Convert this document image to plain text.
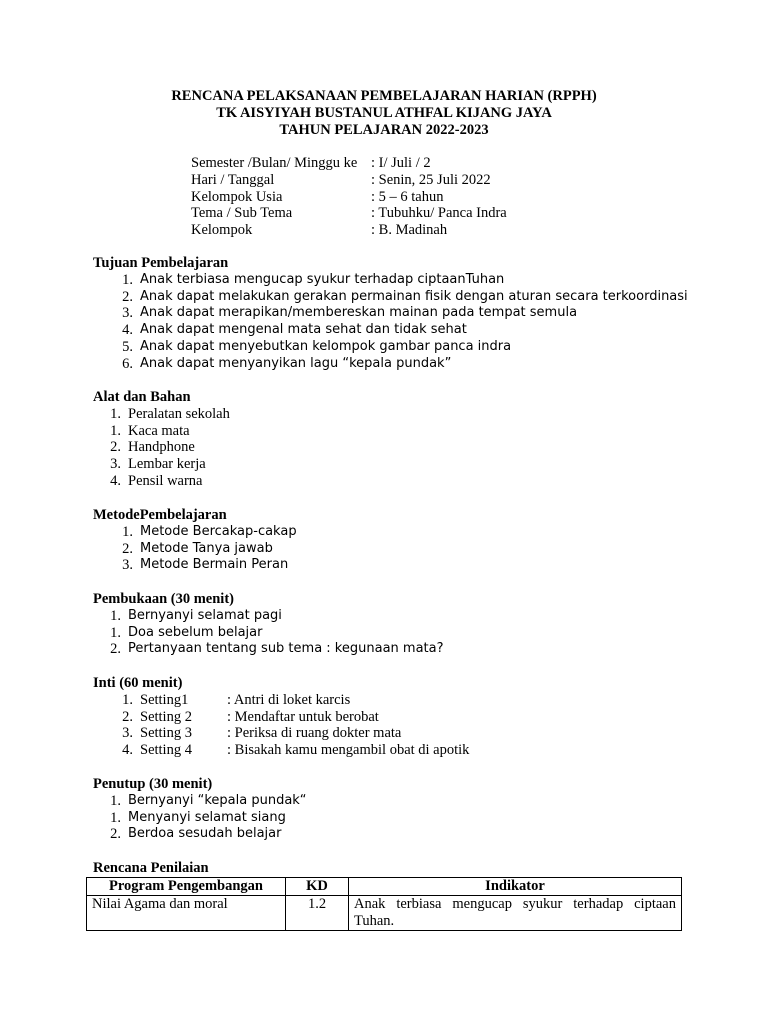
RENCANA PELAKSANAAN PEMBELAJARAN HARIAN (RPPH)
TK AISYIYAH BUSTANUL ATHFAL KIJANG JAYA
TAHUN PELAJARAN 2022-2023
Semester /Bulan/ Minggu ke : I/ Juli / 2
Hari / Tanggal	: Senin, 25 Juli 2022
Kelompok Usia	: 5 – 6 tahun
Tema / Sub Tema	: Tubuhku/ Panca Indra
Kelompok	: B. Madinah
Tujuan Pembelajaran
1. Anak terbiasa mengucap syukur terhadap ciptaanTuhan
2. Anak dapat melakukan gerakan permainan fisik dengan aturan secara terkoordinasi
3. Anak dapat merapikan/membereskan mainan pada tempat semula
4. Anak dapat mengenal mata sehat dan tidak sehat
5. Anak dapat menyebutkan kelompok gambar panca indra
6. Anak dapat menyanyikan lagu “kepala pundak”
Alat dan Bahan
1. Peralatan sekolah
1. Kaca mata
2. Handphone
3. Lembar kerja
4. Pensil warna
MetodePembelajaran
1. Metode Bercakap-cakap
2. Metode Tanya jawab
3. Metode Bermain Peran
Pembukaan (30 menit)
1. Bernyanyi selamat pagi
1. Doa sebelum belajar
2. Pertanyaan tentang sub tema : kegunaan mata?
Inti (60 menit)
1. Setting1	: Antri di loket karcis
2. Setting 2	: Mendaftar untuk berobat
3. Setting 3	: Periksa di ruang dokter mata
4. Setting 4	: Bisakah kamu mengambil obat di apotik
Penutup (30 menit)
1. Bernyanyi “kepala pundak“
1. Menyanyi selamat siang
2. Berdoa sesudah belajar
Rencana Penilaian
Program Pengembangan	KD	Indikator
Nilai Agama dan moral	1.2	Anak terbiasa mengucap syukur terhadap ciptaan Tuhan.
